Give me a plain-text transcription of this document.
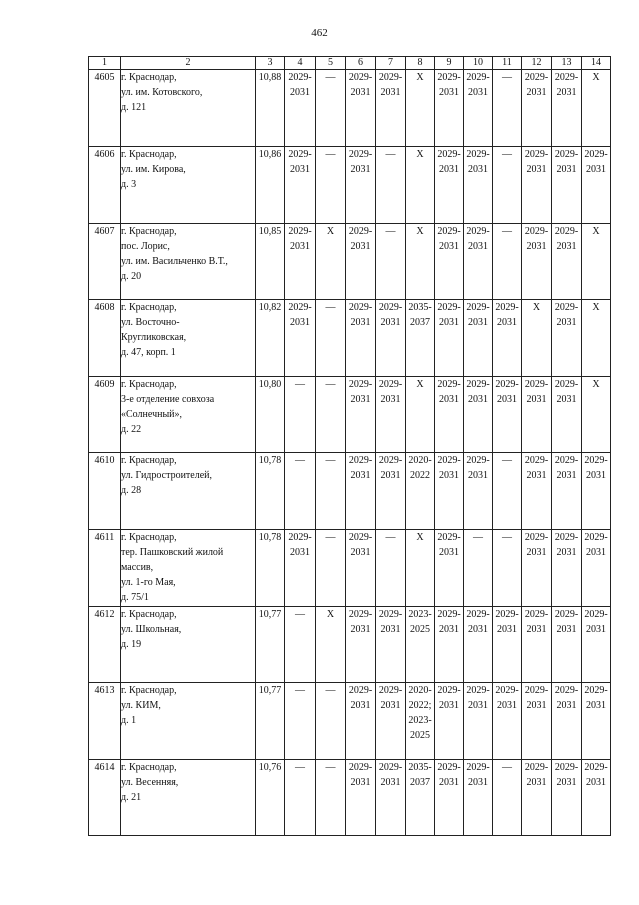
462
1	2	3	4	5	6	7	8	9	10	11	12	13	14
4605	г. Краснодар,
ул. им. Котовского,
д. 121	10,88	2029-
2031	—	2029-
2031	2029-
2031	X	2029-
2031	2029-
2031	—	2029-
2031	2029-
2031	X

4606	г. Краснодар,
ул. им. Кирова,
д. 3	10,86	2029-
2031	—	2029-
2031	—	X	2029-
2031	2029-
2031	—	2029-
2031	2029-
2031	2029-
2031

4607	г. Краснодар,
пос. Лорис,
ул. им. Васильченко В.Т.,
д. 20	10,85	2029-
2031	X	2029-
2031	—	X	2029-
2031	2029-
2031	—	2029-
2031	2029-
2031	X

4608	г. Краснодар,
ул. Восточно-
Кругликовская,
д. 47, корп. 1	10,82	2029-
2031	—	2029-
2031	2029-
2031	2035-
2037	2029-
2031	2029-
2031	2029-
2031	X	2029-
2031	X

4609	г. Краснодар,
3-е отделение совхоза
«Солнечный»,
д. 22	10,80	—	—	2029-
2031	2029-
2031	X	2029-
2031	2029-
2031	2029-
2031	2029-
2031	2029-
2031	X

4610	г. Краснодар,
ул. Гидростроителей,
д. 28	10,78	—	—	2029-
2031	2029-
2031	2020-
2022	2029-
2031	2029-
2031	—	2029-
2031	2029-
2031	2029-
2031

4611	г. Краснодар,
тер. Пашковский жилой
массив,
ул. 1-го Мая,
д. 75/1	10,78	2029-
2031	—	2029-
2031	—	X	2029-
2031	—	—	2029-
2031	2029-
2031	2029-
2031

4612	г. Краснодар,
ул. Школьная,
д. 19	10,77	—	X	2029-
2031	2029-
2031	2023-
2025	2029-
2031	2029-
2031	2029-
2031	2029-
2031	2029-
2031	2029-
2031

4613	г. Краснодар,
ул. КИМ,
д. 1	10,77	—	—	2029-
2031	2029-
2031	2020-
2022;
2023-
2025	2029-
2031	2029-
2031	2029-
2031	2029-
2031	2029-
2031	2029-
2031

4614	г. Краснодар,
ул. Весенняя,
д. 21	10,76	—	—	2029-
2031	2029-
2031	2035-
2037	2029-
2031	2029-
2031	—	2029-
2031	2029-
2031	2029-
2031
